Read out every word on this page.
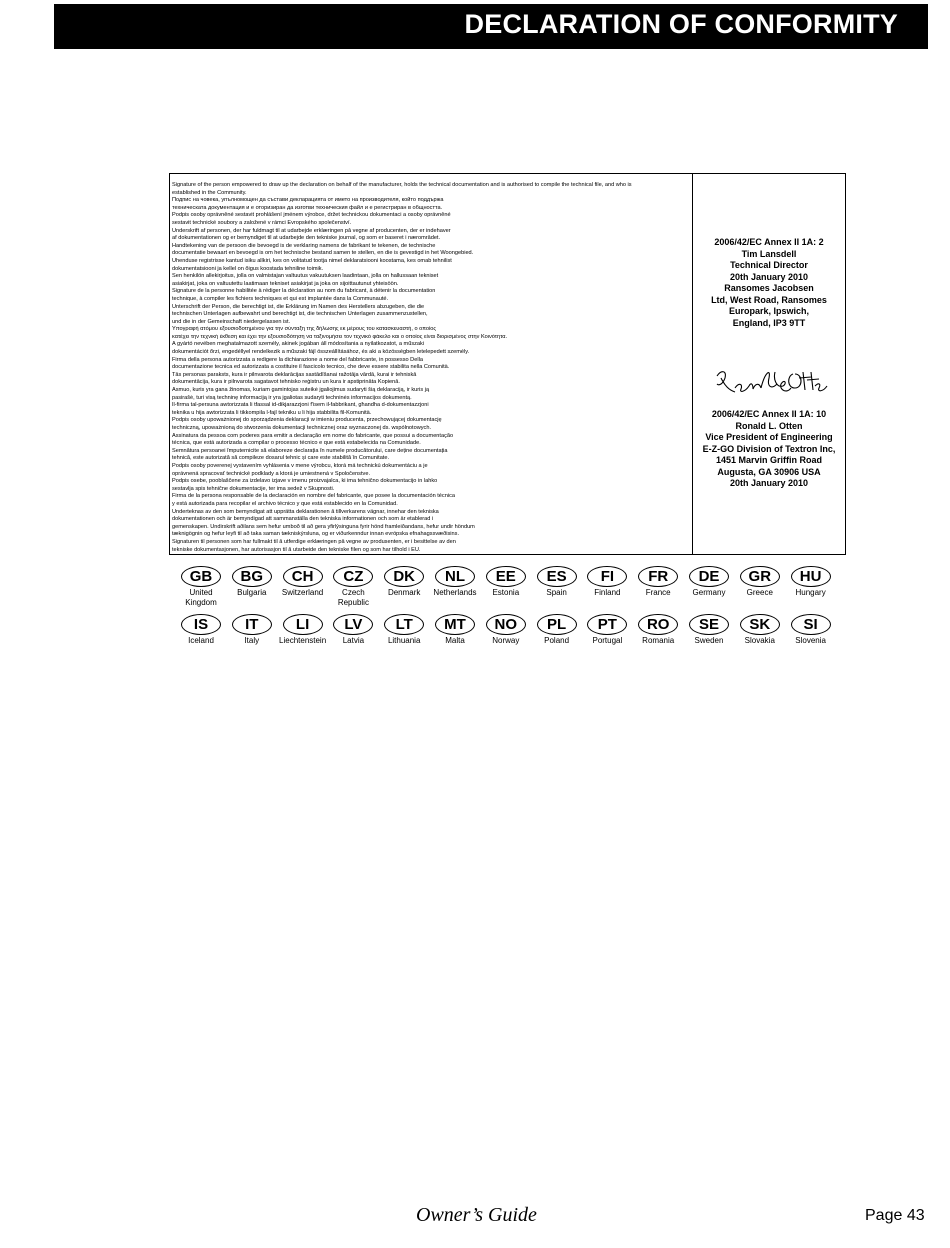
DECLARATION OF CONFORMITY
Signature of the person empowered to draw up the declaration on behalf of the manufacturer, holds the technical documentation and is authorised to compile the technical file, and who is
established in the Community.
Подпис на човека, упълномощен да състави декларацията от името на производителя, който поддържа
техническата документация и е оторизиран да изготви техническия файл и е регистриран в общността.
Podpis osoby oprávněné sestavit prohlášení jménem výrobce, držet technickou dokumentaci a osoby oprávněné
sestavit technické soubory a založené v rámci Evropského společenství.
Underskrift af personen, der har fuldmagt til at udarbejde erklæringen på vegne af producenten, der er indehaver
af dokumentationen og er bemyndiget til at udarbejde den tekniske journal, og som er baseret i nærområdet.
Handtekening van de persoon die bevoegd is de verklaring namens de fabrikant te tekenen, de technische
documentatie bewaart en bevoegd is om het technische bestand samen te stellen, en die is gevestigd in het Woongebied.
Ühenduse registrisse kantud isiku allkiri, kes on volitatud tootja nimel deklaratsiooni koostama, kes omab tehnilist
dokumentatsiooni ja kellel on õigus koostada tehniline toimik.
Sen henkilön allekirjoitus, jolla on valmistajan valtuutus vakuutuksen laadintaan, jolla on hallussaan tekniset
asiakirjat, joka on valtuutettu laatimaan tekniset asiakirjat ja joka on sijoittautunut yhteisöön.
Signature de la personne habilitée à rédiger la déclaration au nom du fabricant, à détenir la documentation
technique, à compiler les fichiers techniques et qui est implantée dans la Communauté.
Unterschrift der Person, die berechtigt ist, die Erklärung im Namen des Herstellers abzugeben, die die
technischen Unterlagen aufbewahrt und berechtigt ist, die technischen Unterlagen zusammenzustellen,
und die in der Gemeinschaft niedergelassen ist.
Υπογραφή ατόμου εξουσιοδοτημένου για την σύνταξη της δήλωσης εκ μέρους του κατασκευαστή, ο οποίος
κατέχει την τεχνική έκθεση και έχει την εξουσιοδότηση να ταξινομήσει τον τεχνικό φάκελο και ο οποίος είναι διορισμένος στην Κοινότητα.
A gyártó nevében meghatalmazott személy, akinek jogában áll módosítania a nyilatkozatot, a műszaki
dokumentációt őrzi, engedéllyel rendelkezik a műszaki fájl összeállításához, és aki a közösségben letelepedett személy.
Firma della persona autorizzata a redigere la dichiarazione a nome del fabbricante, in possesso Della
documentazione tecnica ed autorizzata a costituire il fascicolo tecnico, che deve essere stabilita nella Comunità.
Tās personas paraksts, kura ir pilnvarota deklarācijas sastādīšanai ražotāja vārdā, kurai ir tehniskā
dokumentācija, kura ir pilnvarota sagatavot tehnisko reģistru un kura ir apstiprināta Kopienā.
Asmuo, kuris yra gana žinomas, kuriam gamintojas suteikė įgaliojimus sudaryti šią deklaraciją, ir kuris ją
pasirašė, turi visą techninę informaciją ir yra įgaliotas sudaryti techninės informacijos dokumentą.
Il-firma tal-persuna awtorizzata li tfassal id-dikjarazzjoni f'isem il-fabbrikant, għandha d-dokumentazzjoni
teknika u hija awtorizzata li tikkompila l-fajl tekniku u li hija stabbilita fil-Komunità.
Podpis osoby upoważnionej do sporządzenia deklaracji w imieniu producenta, przechowującej dokumentację
techniczną, upoważnioną do stworzenia dokumentacji technicznej oraz wyznaczonej ds. wspólnotowych.
Assinatura da pessoa com poderes para emitir a declaração em nome do fabricante, que possui a documentação
técnica, que está autorizada a compilar o processo técnico e que está estabelecida na Comunidade.
Semnătura persoanei împuternicite să elaboreze declarația în numele producătorului, care deține documentația
tehnică, este autorizată să compileze dosarul tehnic și care este stabilită în Comunitate.
Podpis osoby poverenej vystavením vyhlásenia v mene výrobcu, ktorá má technickú dokumentáciu a je
oprávnená spracovať technické podklady a ktorá je umiestnená v Spoločenstve.
Podpis osebe, pooblaščene za izdelavo izjave v imenu proizvajalca, ki ima tehnično dokumentacijo in lahko
sestavlja spis tehnične dokumentacije, ter ima sedež v Skupnosti.
Firma de la persona responsable de la declaración en nombre del fabricante, que posee la documentación técnica
y está autorizada para recopilar el archivo técnico y que está establecido en la Comunidad.
Underteknas av den som bemyndigat att upprätta deklarationen å tillverkarens vägnar, innehar den tekniska
dokumentationen och är bemyndigad att sammanställa den tekniska informationen och som är etablerad i
gemenskapen. Undirskrift aðilans sem hefur umboð til að gera yfirlýsinguna fyrir hönd framleiðandans, hefur undir höndum
tæknigögnin og hefur leyfi til að taka saman tækniskýrsluna, og er viðurkenndur innan evrópska efnahagssvæðisins.
Signaturen til personen som har fullmakt til å utferdige erklæringen på vegne av produsenten, er i besittelse av den
tekniske dokumentasjonen, har autorisasjon til å utarbeide den tekniske filen og som har tilhold i EU.
2006/42/EC Annex II 1A: 2
Tim Lansdell
Technical Director
20th January 2010
Ransomes Jacobsen
Ltd, West Road, Ransomes
Europark, Ipswich,
England, IP3 9TT
2006/42/EC Annex II 1A: 10
Ronald L. Otten
Vice President of Engineering
E-Z-GO Division of Textron Inc,
1451 Marvin Griffin Road
Augusta, GA 30906 USA
20th January 2010
GB
United Kingdom
BG
Bulgaria
CH
Switzerland
CZ
Czech Republic
DK
Denmark
NL
Netherlands
EE
Estonia
ES
Spain
FI
Finland
FR
France
DE
Germany
GR
Greece
HU
Hungary
IS
Iceland
IT
Italy
LI
Liechtenstein
LV
Latvia
LT
Lithuania
MT
Malta
NO
Norway
PL
Poland
PT
Portugal
RO
Romania
SE
Sweden
SK
Slovakia
SI
Slovenia
Owner’s Guide	Page 43
